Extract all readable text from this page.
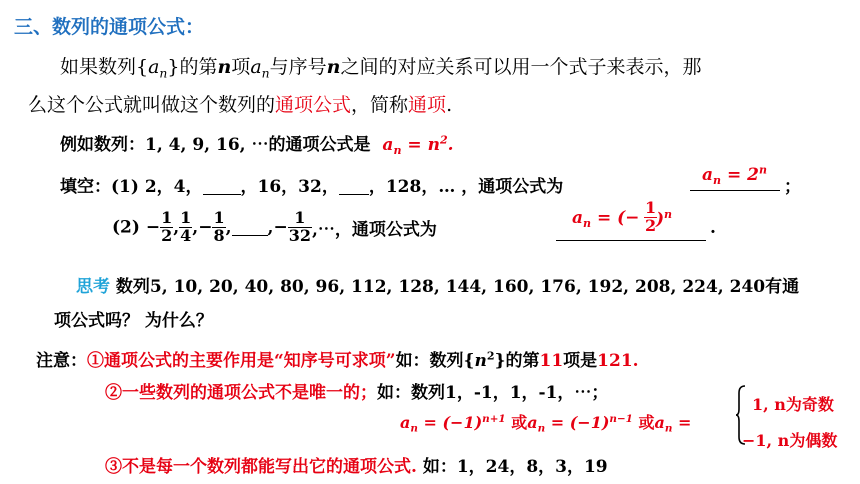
三、数列的通项公式：
如果数列$\{a_n\}$的第n项$a_n$与序号n之间的对应关系可以用一个式子来表示，那
么这个公式就叫做这个数列的通项公式，简称通项.
例如数列：1, 4, 9, 16, ⋯的通项公式是 $a_n = n^2$.
填空：(1) 2，4， ，16，32， ，128，… ，通项公式为
$a_n = 2^n$
；
$(2) - \frac{1}{2}$ , $\frac{1}{4}$ ,− $\frac{1}{8}$ , ,− $\frac{1}{32}$ ,⋯，通项公式为
$a_n$ = (− $\frac{1}{2}$
)$^n$
.
思考 数列5, 10, 20, 40, 80, 96, 112, 128, 144, 160, 176, 192, 208, 224, 240有通
项公式吗？ 为什么？
注意：①通项公式的主要作用是“知序号可求项”如：数列$\{n^2\}$的第11项是121.
②一些数列的通项公式不是唯一的；如：数列1，-1，1，-1，⋯；
$a_n = (-1)^{n+1}$ 或$a_n = (-1)^{n-1}$ 或$a_n$ =
1, n为奇数
−1, n为偶数
③不是每一个数列都能写出它的通项公式. 如：1，24，8，3，19
